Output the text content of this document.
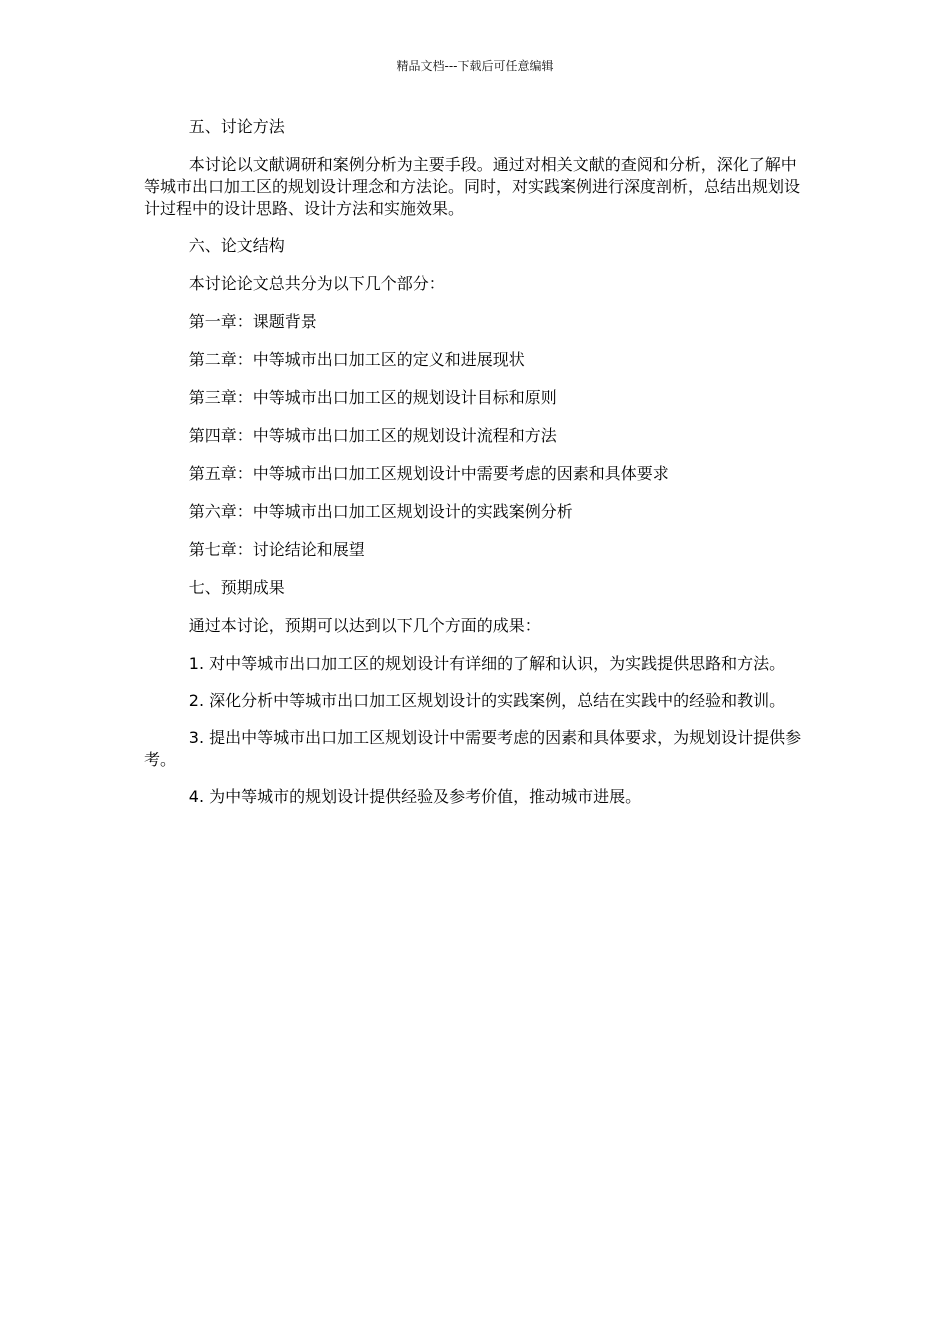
精品文档---下载后可任意编辑

五、讨论方法

本讨论以文献调研和案例分析为主要手段。通过对相关文献的查阅和分析，深化了解中等城市出口加工区的规划设计理念和方法论。同时，对实践案例进行深度剖析，总结出规划设计过程中的设计思路、设计方法和实施效果。

六、论文结构

本讨论论文总共分为以下几个部分：

第一章：课题背景

第二章：中等城市出口加工区的定义和进展现状

第三章：中等城市出口加工区的规划设计目标和原则

第四章：中等城市出口加工区的规划设计流程和方法

第五章：中等城市出口加工区规划设计中需要考虑的因素和具体要求

第六章：中等城市出口加工区规划设计的实践案例分析

第七章：讨论结论和展望

七、预期成果

通过本讨论，预期可以达到以下几个方面的成果：

1. 对中等城市出口加工区的规划设计有详细的了解和认识，为实践提供思路和方法。

2. 深化分析中等城市出口加工区规划设计的实践案例，总结在实践中的经验和教训。

3. 提出中等城市出口加工区规划设计中需要考虑的因素和具体要求，为规划设计提供参考。

4. 为中等城市的规划设计提供经验及参考价值，推动城市进展。
